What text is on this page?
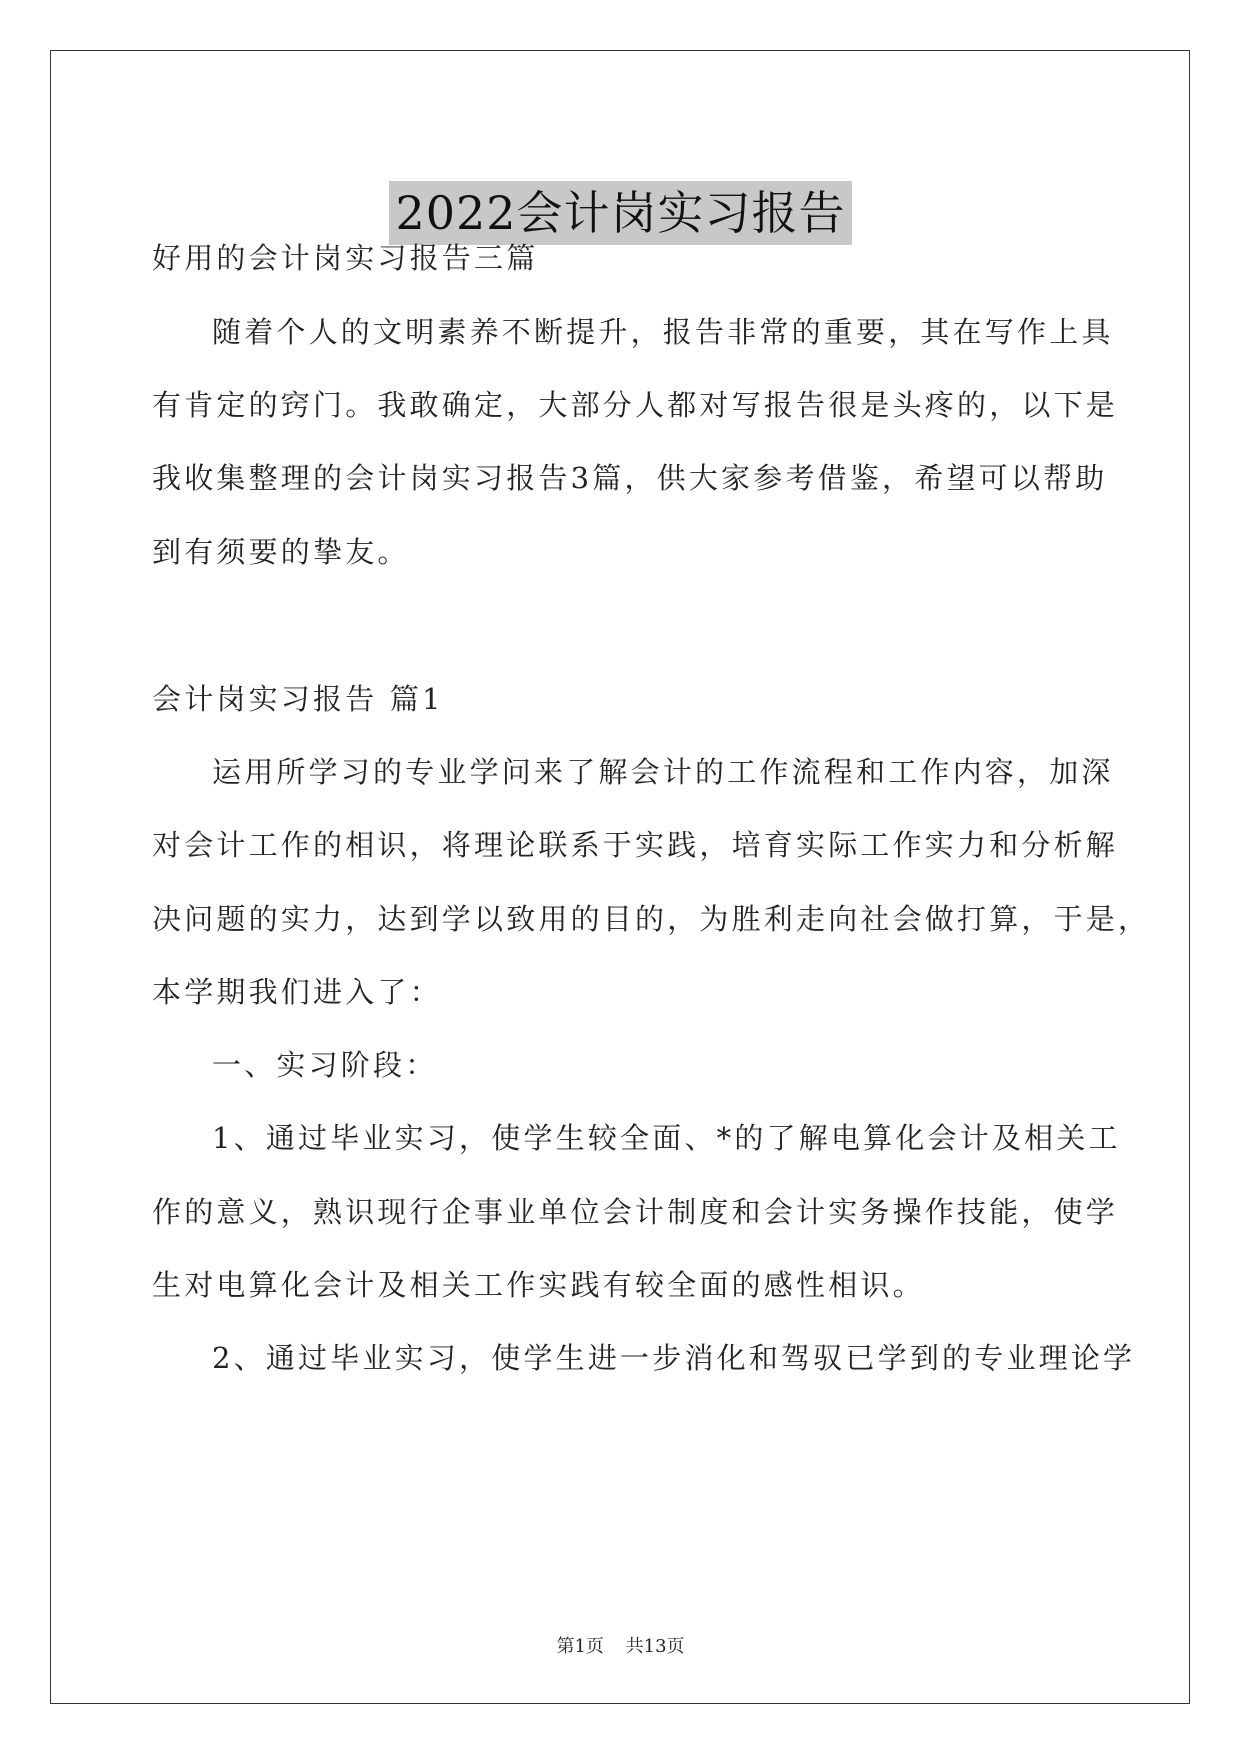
2022会计岗实习报告
好用的会计岗实习报告三篇
随着个人的文明素养不断提升，报告非常的重要，其在写作上具
有肯定的窍门。我敢确定，大部分人都对写报告很是头疼的，以下是
我收集整理的会计岗实习报告3篇，供大家参考借鉴，希望可以帮助
到有须要的挚友。
会计岗实习报告 篇1
运用所学习的专业学问来了解会计的工作流程和工作内容，加深
对会计工作的相识，将理论联系于实践，培育实际工作实力和分析解
决问题的实力，达到学以致用的目的，为胜利走向社会做打算，于是，
本学期我们进入了：
一、实习阶段：
1、通过毕业实习，使学生较全面、*的了解电算化会计及相关工
作的意义，熟识现行企事业单位会计制度和会计实务操作技能，使学
生对电算化会计及相关工作实践有较全面的感性相识。
2、通过毕业实习，使学生进一步消化和驾驭已学到的专业理论学
第1页 共13页
